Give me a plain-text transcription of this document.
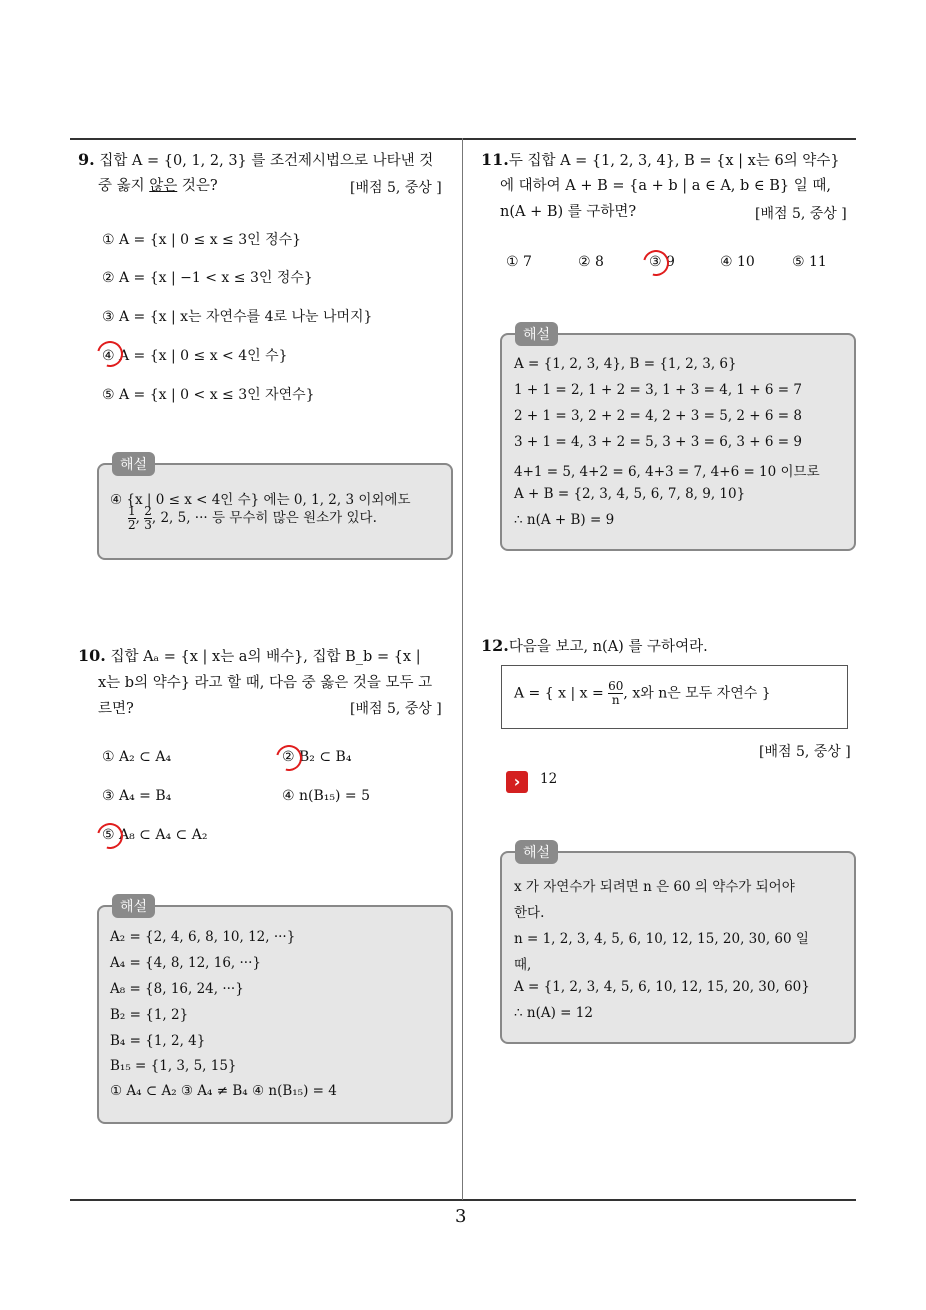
3
9. 집합 A = {0, 1, 2, 3} 를 조건제시법으로 나타낸 것
중 옳지 않은 것은?	[배점 5, 중상 ]
① A = {x | 0 ≤ x ≤ 3인 정수}
② A = {x | −1 < x ≤ 3인 정수}
③ A = {x | x는 자연수를 4로 나눈 나머지}
④ A = {x | 0 ≤ x < 4인 수}
⑤ A = {x | 0 < x ≤ 3인 자연수}
해설
④ {x | 0 ≤ x < 4인 수} 에는 0, 1, 2, 3 이외에도
$\frac{1}{2}$ , $\frac{2}{3}$ , 2, 5, ··· 등 무수히 많은 원소가 있다.
10. 집합 Aₐ = {x | x는 a의 배수}, 집합 B_b = {x |
x는 b의 약수} 라고 할 때, 다음 중 옳은 것을 모두 고
르면?	[배점 5, 중상 ]
① A₂ ⊂ A₄	② B₂ ⊂ B₄
③ A₄ = B₄	④ n(B₁₅) = 5
⑤ A₈ ⊂ A₄ ⊂ A₂
해설
A₂ = {2, 4, 6, 8, 10, 12, ···}
A₄ = {4, 8, 12, 16, ···}
A₈ = {8, 16, 24, ···}
B₂ = {1, 2}
B₄ = {1, 2, 4}
B₁₅ = {1, 3, 5, 15}
① A₄ ⊂ A₂ ③ A₄ ≠ B₄ ④ n(B₁₅) = 4
11.두 집합 A = {1, 2, 3, 4}, B = {x | x는 6의 약수}
에 대하여 A + B = {a + b | a ∈ A, b ∈ B} 일 때,
n(A + B) 를 구하면?	[배점 5, 중상 ]
① 7	② 8	③ 9	④ 10	⑤ 11
해설
A = {1, 2, 3, 4}, B = {1, 2, 3, 6}
1 + 1 = 2, 1 + 2 = 3, 1 + 3 = 4, 1 + 6 = 7
2 + 1 = 3, 2 + 2 = 4, 2 + 3 = 5, 2 + 6 = 8
3 + 1 = 4, 3 + 2 = 5, 3 + 3 = 6, 3 + 6 = 9
4+1 = 5, 4+2 = 6, 4+3 = 7, 4+6 = 10 이므로
A + B = {2, 3, 4, 5, 6, 7, 8, 9, 10}
∴ n(A + B) = 9
12.다음을 보고, n(A) 를 구하여라.
A = { x | $x = \frac{60}{n}$ , x와 n은 모두 자연수 }
[배점 5, 중상 ]
›	12
해설
x 가 자연수가 되려면 n 은 60 의 약수가 되어야
한다.
n = 1, 2, 3, 4, 5, 6, 10, 12, 15, 20, 30, 60 일
때,
A = {1, 2, 3, 4, 5, 6, 10, 12, 15, 20, 30, 60}
∴ n(A) = 12
